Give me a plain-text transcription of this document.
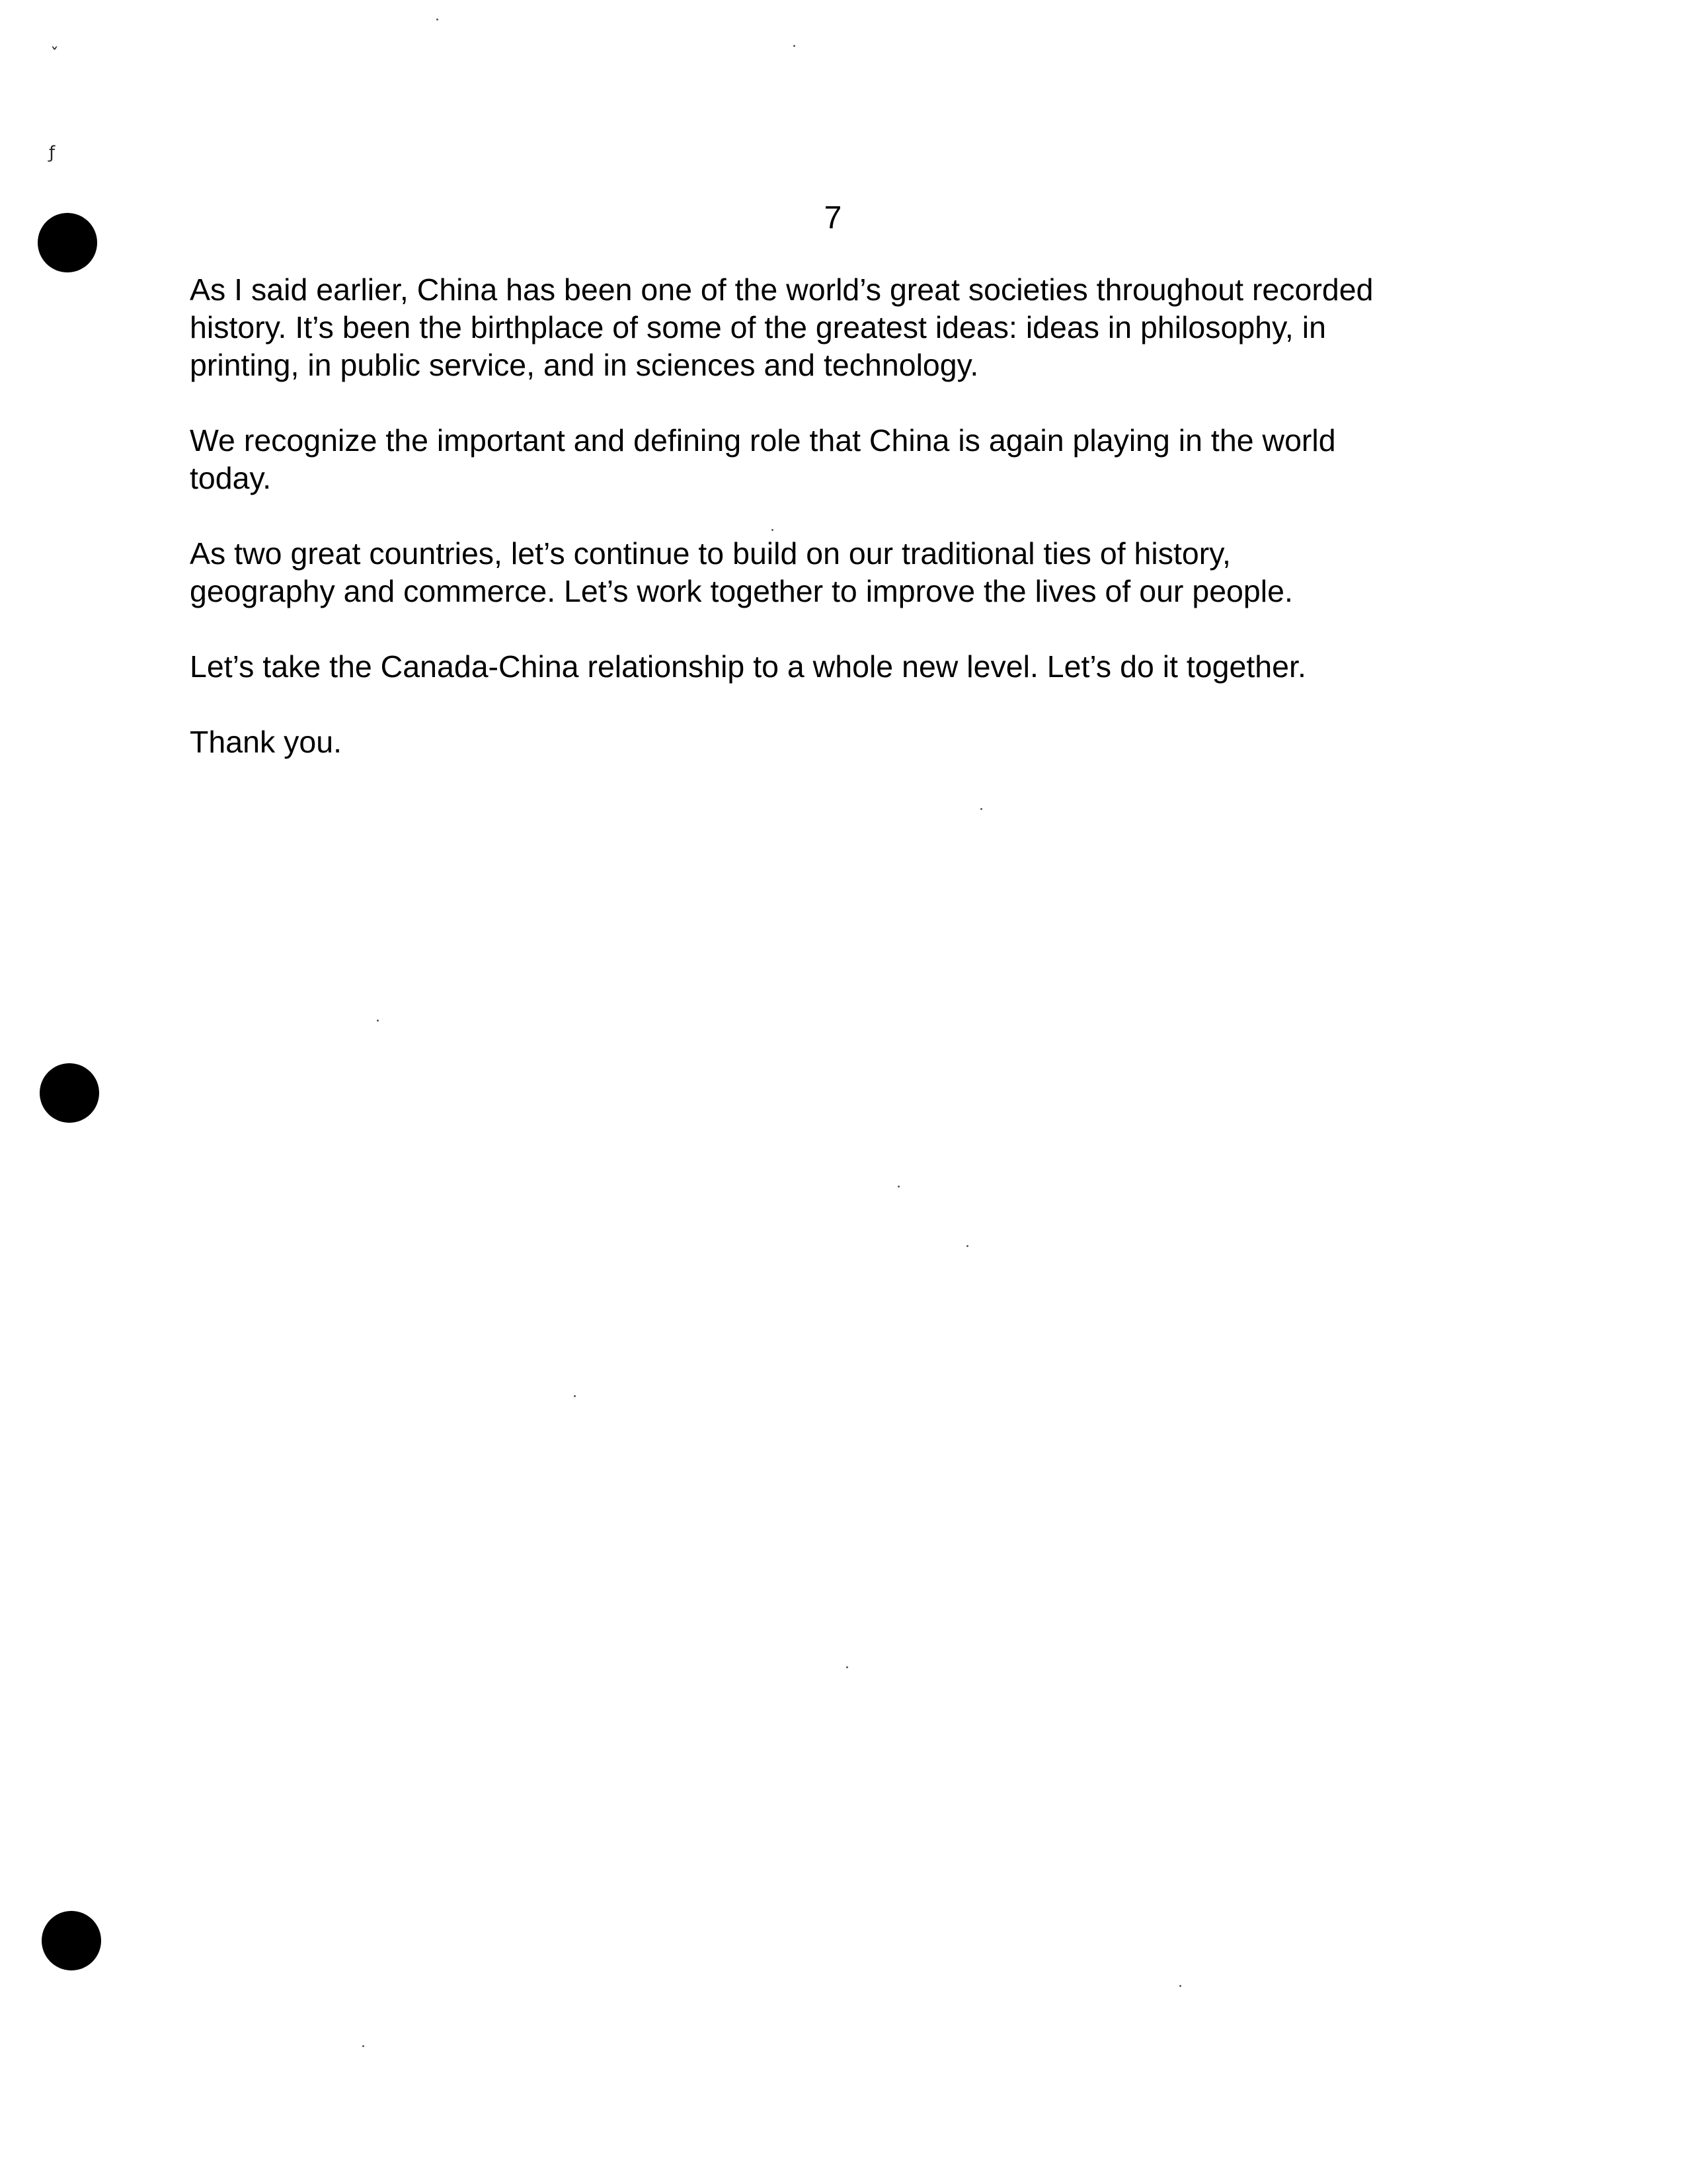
ˇ
ƒ
7

As I said earlier, China has been one of the world’s great societies throughout recorded
history. It’s been the birthplace of some of the greatest ideas: ideas in philosophy, in
printing, in public service, and in sciences and technology.

We recognize the important and defining role that China is again playing in the world
today.

As two great countries, let’s continue to build on our traditional ties of history,
geography and commerce. Let’s work together to improve the lives of our people.

Let’s take the Canada-China relationship to a whole new level. Let’s do it together.

Thank you.
